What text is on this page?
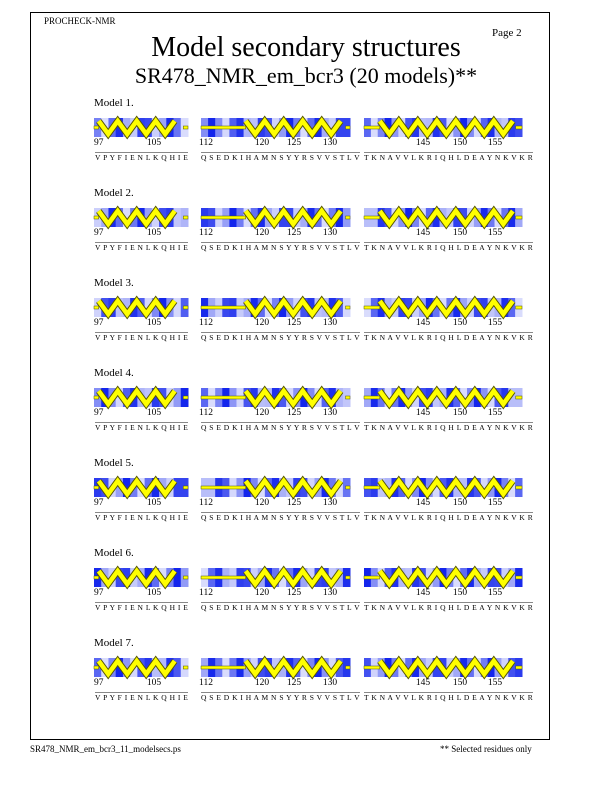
PROCHECK-NMR
Page 2
Model secondary structures
SR478_NMR_em_bcr3 (20 models)**
Model 1.
97	105
V P Y F I E N L K Q H I E
112	120 125 130
Q S E D K I H A M N S Y Y R S V V S T L V
145 150 155
T K N A V V L K R I Q H L D E A Y N K V K R
Model 2.
97	105
V P Y F I E N L K Q H I E
112	120 125 130
Q S E D K I H A M N S Y Y R S V V S T L V
145 150 155
T K N A V V L K R I Q H L D E A Y N K V K R
Model 3.
97	105
V P Y F I E N L K Q H I E
112	120 125 130
Q S E D K I H A M N S Y Y R S V V S T L V
145 150 155
T K N A V V L K R I Q H L D E A Y N K V K R
Model 4.
97	105
V P Y F I E N L K Q H I E
112	120 125 130
Q S E D K I H A M N S Y Y R S V V S T L V
145 150 155
T K N A V V L K R I Q H L D E A Y N K V K R
Model 5.
97	105
V P Y F I E N L K Q H I E
112	120 125 130
Q S E D K I H A M N S Y Y R S V V S T L V
145 150 155
T K N A V V L K R I Q H L D E A Y N K V K R
Model 6.
97	105
V P Y F I E N L K Q H I E
112	120 125 130
Q S E D K I H A M N S Y Y R S V V S T L V
145 150 155
T K N A V V L K R I Q H L D E A Y N K V K R
Model 7.
97	105
V P Y F I E N L K Q H I E
112	120 125 130
Q S E D K I H A M N S Y Y R S V V S T L V
145 150 155
T K N A V V L K R I Q H L D E A Y N K V K R
SR478_NMR_em_bcr3_11_modelsecs.ps	** Selected residues only
